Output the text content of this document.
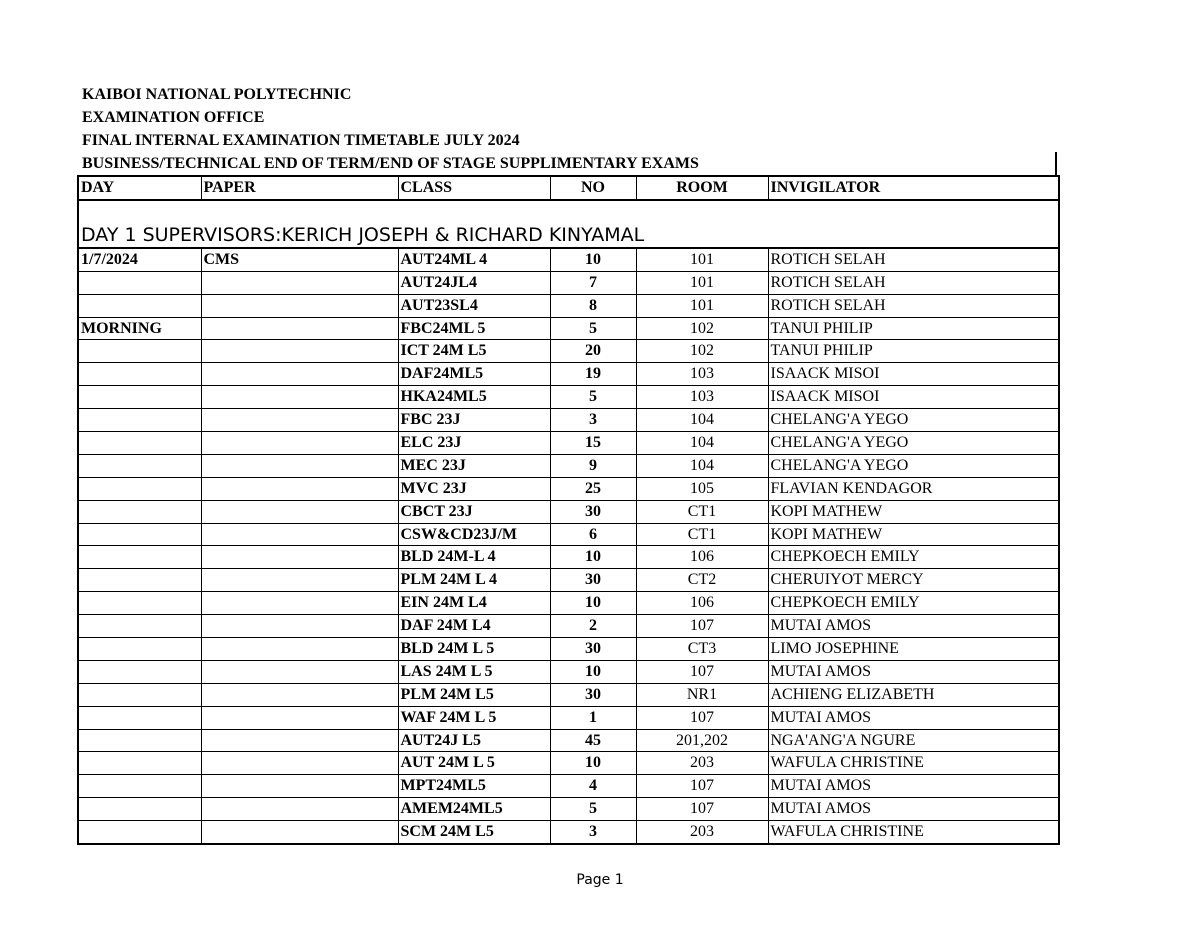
KAIBOI NATIONAL POLYTECHNIC
EXAMINATION OFFICE
FINAL INTERNAL EXAMINATION TIMETABLE JULY 2024
BUSINESS/TECHNICAL END OF TERM/END OF STAGE SUPPLIMENTARY EXAMS
DAY	PAPER	CLASS	NO	ROOM	INVIGILATOR
DAY 1 SUPERVISORS:KERICH JOSEPH & RICHARD KINYAMAL					
1/7/2024	CMS	AUT24ML 4	10	101	ROTICH SELAH
		AUT24JL4	7	101	ROTICH SELAH
		AUT23SL4	8	101	ROTICH SELAH
MORNING		FBC24ML 5	5	102	TANUI PHILIP
		ICT 24M L5	20	102	TANUI PHILIP
		DAF24ML5	19	103	ISAACK MISOI
		HKA24ML5	5	103	ISAACK MISOI
		FBC 23J	3	104	CHELANG'A YEGO
		ELC 23J	15	104	CHELANG'A YEGO
		MEC 23J	9	104	CHELANG'A YEGO
		MVC 23J	25	105	FLAVIAN KENDAGOR
		CBCT 23J	30	CT1	KOPI MATHEW
		CSW&CD23J/M	6	CT1	KOPI MATHEW
		BLD 24M-L 4	10	106	CHEPKOECH EMILY
		PLM 24M L 4	30	CT2	CHERUIYOT MERCY
		EIN 24M L4	10	106	CHEPKOECH EMILY
		DAF 24M L4	2	107	MUTAI AMOS
		BLD 24M L 5	30	CT3	LIMO JOSEPHINE
		LAS 24M L 5	10	107	MUTAI AMOS
		PLM 24M L5	30	NR1	ACHIENG ELIZABETH
		WAF 24M L 5	1	107	MUTAI AMOS
		AUT24J L5	45	201,202	NGA'ANG'A NGURE
		AUT 24M L 5	10	203	WAFULA CHRISTINE
		MPT24ML5	4	107	MUTAI AMOS
		AMEM24ML5	5	107	MUTAI AMOS
		SCM 24M L5	3	203	WAFULA CHRISTINE
Page 1
